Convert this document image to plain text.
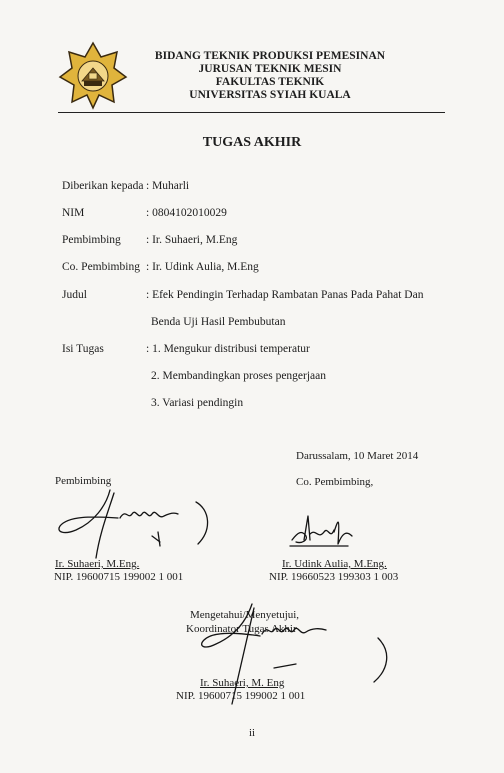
BIDANG TEKNIK PRODUKSI PEMESINAN
JURUSAN TEKNIK MESIN
FAKULTAS TEKNIK
UNIVERSITAS SYIAH KUALA
TUGAS AKHIR
Diberikan kepada : Muharli
NIM	: 0804102010029
Pembimbing : Ir. Suhaeri, M.Eng
Co. Pembimbing : Ir. Udink Aulia, M.Eng
Judul	: Efek Pendingin Terhadap Rambatan Panas Pada Pahat Dan
Benda Uji Hasil Pembubutan
Isi Tugas	: 1. Mengukur distribusi temperatur
2. Membandingkan proses pengerjaan
3. Variasi pendingin
Darussalam, 10 Maret 2014
Pembimbing
Ir. Suhaeri, M.Eng.
NIP. 19600715 199002 1 001
Co. Pembimbing,
Ir. Udink Aulia, M.Eng.
NIP. 19660523 199303 1 003
Mengetahui/Menyetujui,
Koordinator Tugas Akhir
Ir. Suhaeri, M. Eng
NIP. 19600715 199002 1 001
ii
